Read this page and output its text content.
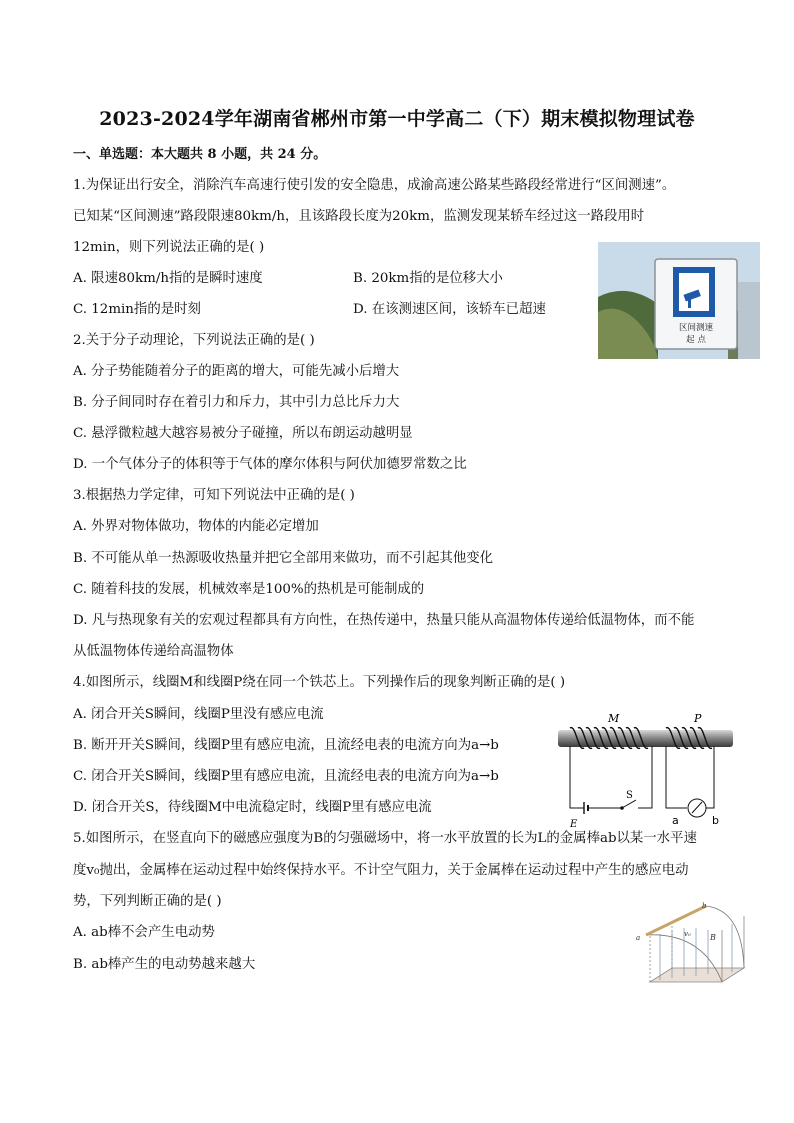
2023-2024学年湖南省郴州市第一中学高二（下）期末模拟物理试卷
一、单选题：本大题共 8 小题，共 24 分。
1.为保证出行安全，消除汽车高速行使引发的安全隐患，成渝高速公路某些路段经常进行“区间测速”。
已知某“区间测速”路段限速80km/h，且该路段长度为20km，监测发现某轿车经过这一路段用时
12min，则下列说法正确的是( )
A. 限速80km/h指的是瞬时速度	B. 20km指的是位移大小
C. 12min指的是时刻	D. 在该测速区间，该轿车已超速
区间测速
起 点
2.关于分子动理论，下列说法正确的是( )
A. 分子势能随着分子的距离的增大，可能先减小后增大
B. 分子间同时存在着引力和斥力，其中引力总比斥力大
C. 悬浮微粒越大越容易被分子碰撞，所以布朗运动越明显
D. 一个气体分子的体积等于气体的摩尔体积与阿伏加德罗常数之比
3.根据热力学定律，可知下列说法中正确的是( )
A. 外界对物体做功，物体的内能必定增加
B. 不可能从单一热源吸收热量并把它全部用来做功，而不引起其他变化
C. 随着科技的发展，机械效率是100%的热机是可能制成的
D. 凡与热现象有关的宏观过程都具有方向性，在热传递中，热量只能从高温物体传递给低温物体，而不能
从低温物体传递给高温物体
4.如图所示，线圈M和线圈P绕在同一个铁芯上。下列操作后的现象判断正确的是( )
A. 闭合开关S瞬间，线圈P里没有感应电流
B. 断开开关S瞬间，线圈P里有感应电流，且流经电表的电流方向为a→b
C. 闭合开关S瞬间，线圈P里有感应电流，且流经电表的电流方向为a→b
D. 闭合开关S，待线圈M中电流稳定时，线圈P里有感应电流
M	P
E
S
a	b
5.如图所示，在竖直向下的磁感应强度为B的匀强磁场中，将一水平放置的长为L的金属棒ab以某一水平速
度v₀抛出，金属棒在运动过程中始终保持水平。不计空气阻力，关于金属棒在运动过程中产生的感应电动
势，下列判断正确的是( )
A. ab棒不会产生电动势
B. ab棒产生的电动势越来越大
a
b
v₀ B
